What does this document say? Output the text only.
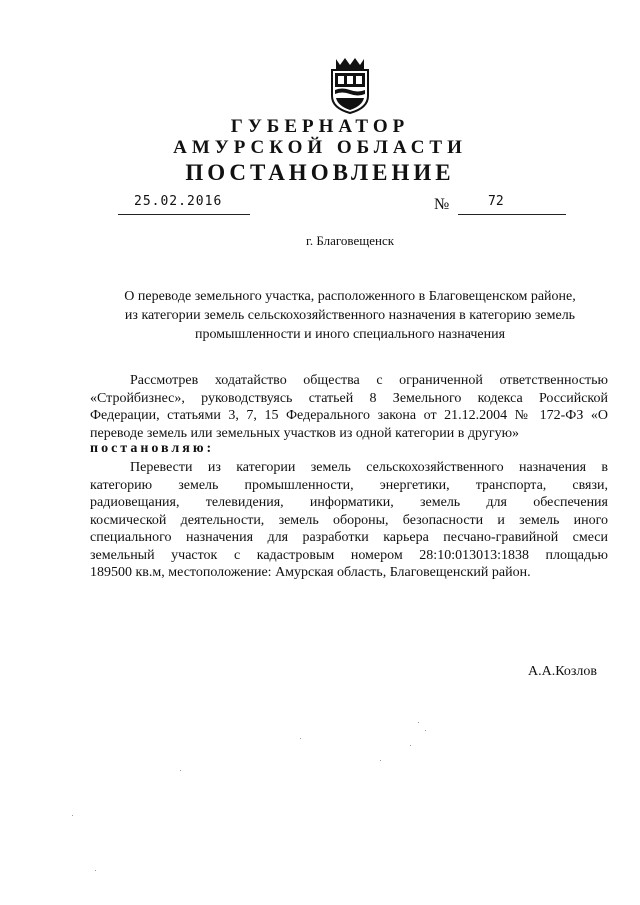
ГУБЕРНАТОР
АМУРСКОЙ ОБЛАСТИ
ПОСТАНОВЛЕНИЕ
25.02.2016	№	72
г. Благовещенск
О переводе земельного участка, расположенного в Благовещенском районе,
из категории земель сельскохозяйственного назначения в категорию земель
промышленности и иного специального назначения
Рассмотрев ходатайство общества с ограниченной ответственностью
«Стройбизнес», руководствуясь статьей 8 Земельного кодекса Российской
Федерации, статьями 3, 7, 15 Федерального закона от 21.12.2004 № 172-ФЗ «О
переводе земель или земельных участков из одной категории в другую»
постановляю:
Перевести из категории земель сельскохозяйственного назначения в
категорию земель промышленности, энергетики, транспорта, связи,
радиовещания, телевидения, информатики, земель для обеспечения
космической деятельности, земель обороны, безопасности и земель иного
специального назначения для разработки карьера песчано-гравийной смеси
земельный участок с кадастровым номером 28:10:013013:1838 площадью
189500 кв.м, местоположение: Амурская область, Благовещенский район.
А.А.Козлов
